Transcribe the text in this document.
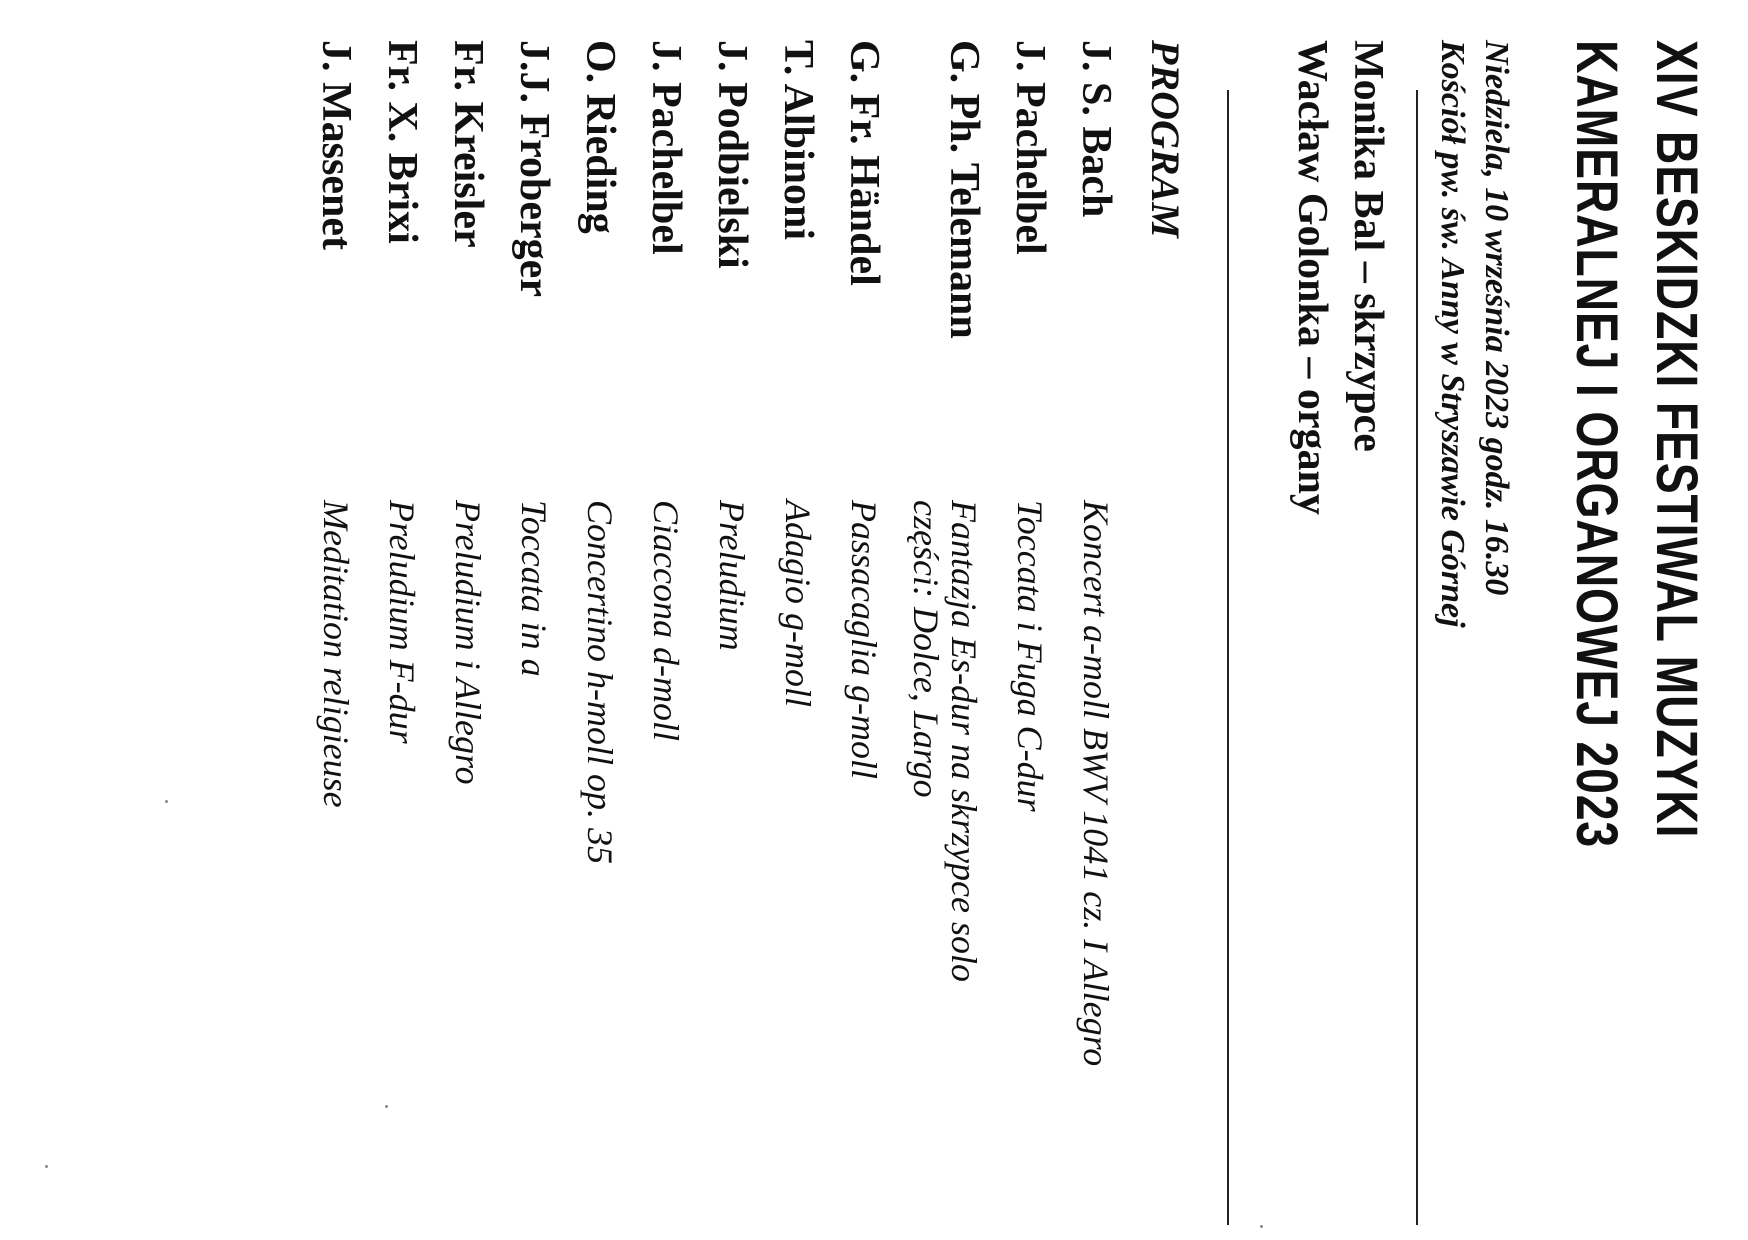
XIV BESKIDZKI FESTIWAL MUZYKI
KAMERALNEJ I ORGANOWEJ 2023
Niedziela, 10 września 2023 godz. 16.30
Kościół pw. św. Anny w Stryszawie Górnej
Monika Bal – skrzypce
Wacław Golonka – organy
PROGRAM
J. S. Bach
Koncert a-moll BWV 1041 cz. I Allegro
J. Pachelbel
Toccata i Fuga C-dur
G. Ph. Telemann
Fantazja Es-dur na skrzypce solo
części: Dolce, Largo
G. Fr. Händel
Passacaglia g-moll
T. Albinoni
Adagio g-moll
J. Podbielski
Preludium
J. Pachelbel
Ciaccona d-moll
O. Rieding
Concertino h-moll op. 35
J.J. Froberger
Toccata in a
Fr. Kreisler
Preludium i Allegro
Fr. X. Brixi
Preludium F-dur
J. Massenet
Meditation religieuse
